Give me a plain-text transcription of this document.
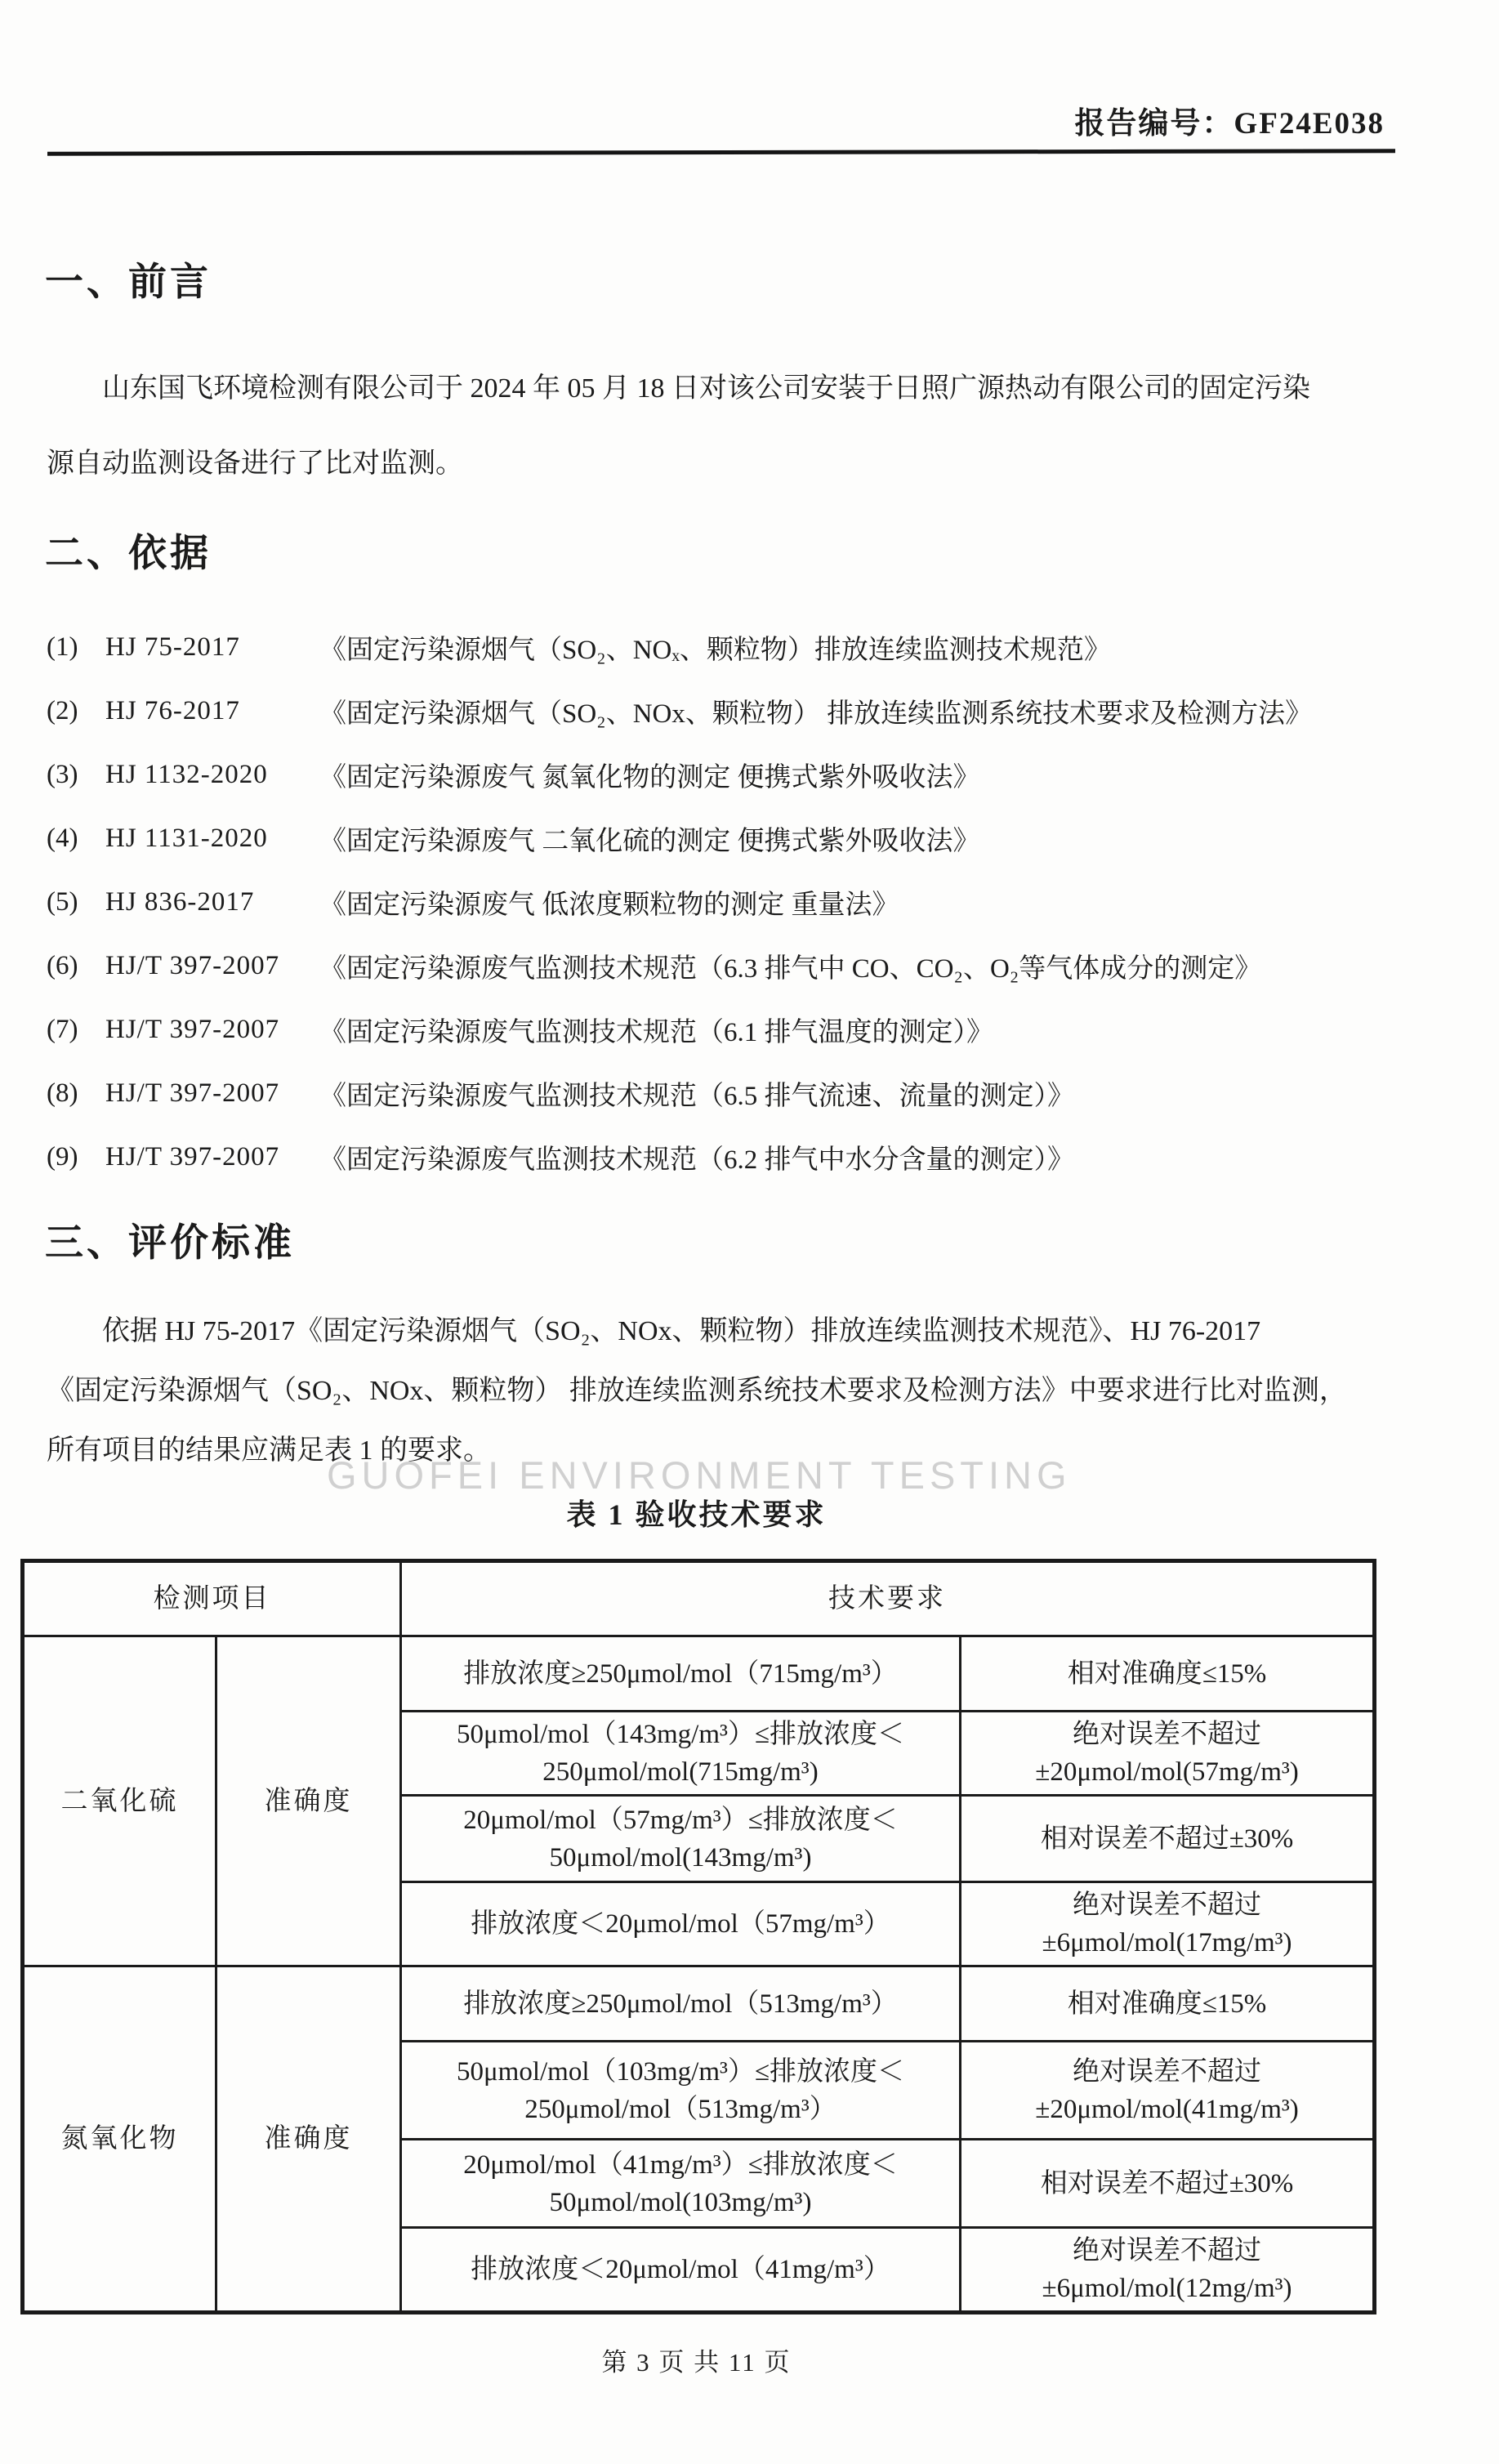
报告编号：GF24E038
一、前言
山东国飞环境检测有限公司于 2024 年 05 月 18 日对该公司安装于日照广源热动有限公司的固定污染
源自动监测设备进行了比对监测。
二、依据
(1)	HJ 75-2017	《固定污染源烟气（SO₂、NOₓ、颗粒物）排放连续监测技术规范》
(2)	HJ 76-2017	《固定污染源烟气（SO₂、NOx、颗粒物） 排放连续监测系统技术要求及检测方法》
(3)	HJ 1132-2020	《固定污染源废气 氮氧化物的测定 便携式紫外吸收法》
(4)	HJ 1131-2020	《固定污染源废气 二氧化硫的测定 便携式紫外吸收法》
(5)	HJ 836-2017	《固定污染源废气 低浓度颗粒物的测定 重量法》
(6)	HJ/T 397-2007	《固定污染源废气监测技术规范（6.3 排气中 CO、CO₂、O₂等气体成分的测定》
(7)	HJ/T 397-2007	《固定污染源废气监测技术规范（6.1 排气温度的测定）》
(8)	HJ/T 397-2007	《固定污染源废气监测技术规范（6.5 排气流速、流量的测定）》
(9)	HJ/T 397-2007	《固定污染源废气监测技术规范（6.2 排气中水分含量的测定）》
三、评价标准
依据 HJ 75-2017《固定污染源烟气（SO₂、NOx、颗粒物）排放连续监测技术规范》、HJ 76-2017
《固定污染源烟气（SO₂、NOx、颗粒物） 排放连续监测系统技术要求及检测方法》中要求进行比对监测，
所有项目的结果应满足表 1 的要求。
GUOFEI ENVIRONMENT TESTING
表 1 验收技术要求
检测项目		技术要求	
二氧化硫	准确度	排放浓度≥250μmol/mol（715mg/m³）	相对准确度≤15%
		50μmol/mol（143mg/m³）≤排放浓度＜
250μmol/mol(715mg/m³)	绝对误差不超过
±20μmol/mol(57mg/m³)
		20μmol/mol（57mg/m³）≤排放浓度＜
50μmol/mol(143mg/m³)	相对误差不超过±30%
		排放浓度＜20μmol/mol（57mg/m³）	绝对误差不超过
±6μmol/mol(17mg/m³)
氮氧化物	准确度	排放浓度≥250μmol/mol（513mg/m³）	相对准确度≤15%
		50μmol/mol（103mg/m³）≤排放浓度＜
250μmol/mol（513mg/m³）	绝对误差不超过
±20μmol/mol(41mg/m³)
		20μmol/mol（41mg/m³）≤排放浓度＜
50μmol/mol(103mg/m³)	相对误差不超过±30%
		排放浓度＜20μmol/mol（41mg/m³）	绝对误差不超过
±6μmol/mol(12mg/m³)
第 3 页 共 11 页
